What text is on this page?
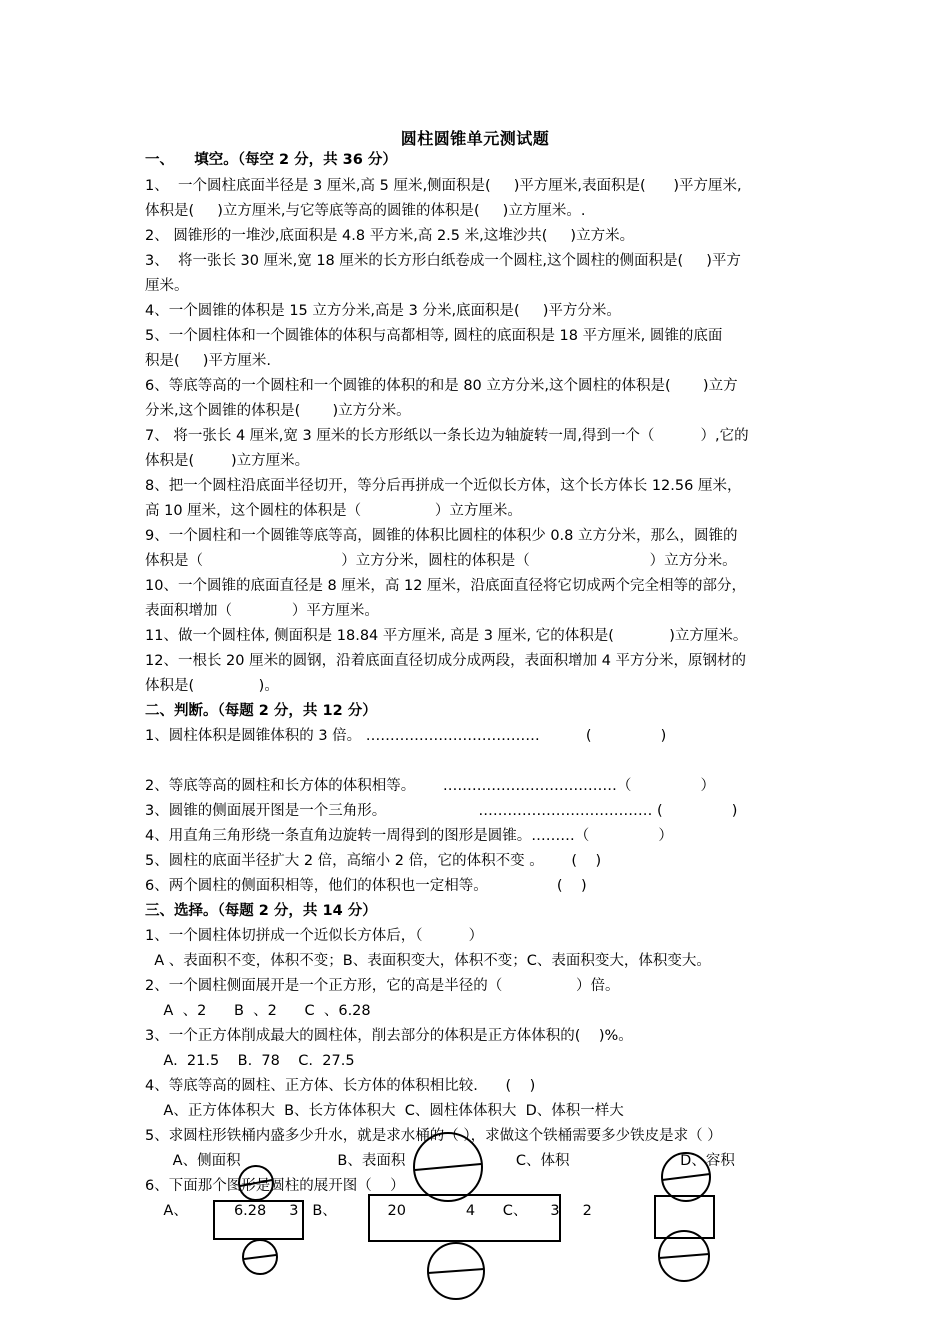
圆柱圆锥单元测试题
一、    填空。（每空 2 分，共 36 分）
1、  一个圆柱底面半径是 3 厘米,高 5 厘米,侧面积是(     )平方厘米,表面积是(      )平方厘米,
体积是(     )立方厘米,与它等底等高的圆锥的体积是(     )立方厘米。.
2、 圆锥形的一堆沙,底面积是 4.8 平方米,高 2.5 米,这堆沙共(     )立方米。
3、  将一张长 30 厘米,宽 18 厘米的长方形白纸卷成一个圆柱,这个圆柱的侧面积是(     )平方
厘米。
4、一个圆锥的体积是 15 立方分米,高是 3 分米,底面积是(     )平方分米。
5、一个圆柱体和一个圆锥体的体积与高都相等, 圆柱的底面积是 18 平方厘米, 圆锥的底面
积是(     )平方厘米.
6、等底等高的一个圆柱和一个圆锥的体积的和是 80 立方分米,这个圆柱的体积是(       )立方
分米,这个圆锥的体积是(       )立方分米。
7、 将一张长 4 厘米,宽 3 厘米的长方形纸以一条长边为轴旋转一周,得到一个（          ）,它的
体积是(        )立方厘米。
8、把一个圆柱沿底面半径切开，等分后再拼成一个近似长方体，这个长方体长 12.56 厘米，
高 10 厘米，这个圆柱的体积是（                ）立方厘米。
9、一个圆柱和一个圆锥等底等高，圆锥的体积比圆柱的体积少 0.8 立方分米，那么，圆锥的
体积是（                              ）立方分米，圆柱的体积是（                          ）立方分米。
10、一个圆锥的底面直径是 8 厘米，高 12 厘米，沿底面直径将它切成两个完全相等的部分，
表面积增加（             ）平方厘米。
11、做一个圆柱体, 侧面积是 18.84 平方厘米, 高是 3 厘米, 它的体积是(            )立方厘米。
12、一根长 20 厘米的圆钢，沿着底面直径切成分成两段，表面积增加 4 平方分米，原钢材的
体积是(              )。
二、判断。（每题 2 分，共 12 分）
1、圆柱体积是圆锥体积的 3 倍。 ………………………………          (               )
2、等底等高的圆柱和长方体的体积相等。      ………………………………（               ）
3、圆锥的侧面展开图是一个三角形。                    ……………………………… (               )
4、用直角三角形绕一条直角边旋转一周得到的图形是圆锥。………（               ）
5、圆柱的底面半径扩大 2 倍，高缩小 2 倍，它的体积不变 。      (    )
6、两个圆柱的侧面积相等，他们的体积也一定相等。               (    )
三、选择。（每题 2 分，共 14 分）
1、一个圆柱体切拼成一个近似长方体后，（          ）
A 、表面积不变，体积不变；B、表面积变大，体积不变；C、表面积变大，体积变大。
2、一个圆柱侧面展开是一个正方形，它的高是半径的（                ）倍。
A  、2      B  、2      C  、6.28
3、一个正方体削成最大的圆柱体，削去部分的体积是正方体体积的(    )%。
A.  21.5    B.  78    C.  27.5
4、等底等高的圆柱、正方体、长方体的体积相比较.      (    )
A、正方体体积大  B、长方体体积大  C、圆柱体体积大  D、体积一样大
5、求圆柱形铁桶内盛多少升水，就是求水桶的（ ），求做这个铁桶需要多少铁皮是求（ ）
A、侧面积                     B、表面积                        C、体积                        D、容积
6、下面那个图形是圆柱的展开图（    ）
A、          6.28     3   B、           20             4      C、     3     2
